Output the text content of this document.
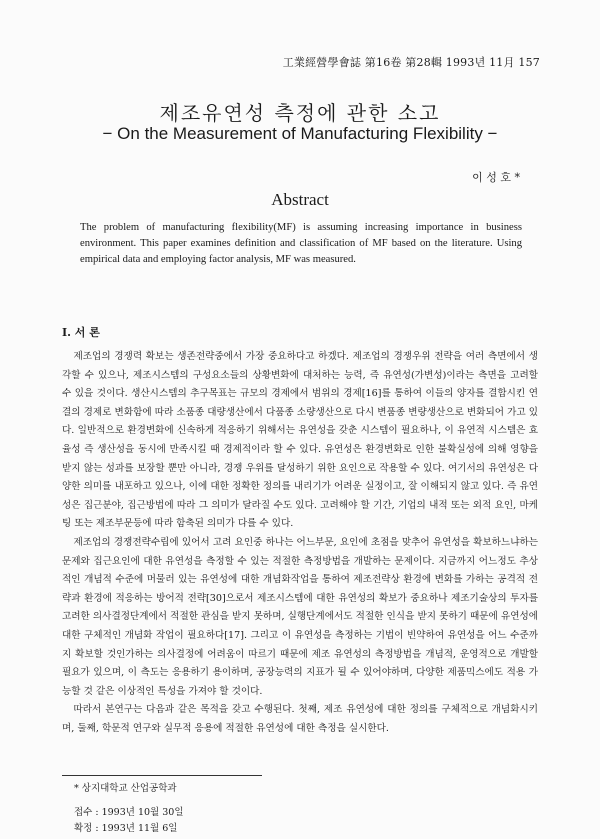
工業經營學會誌 第16卷 第28輯 1993년 11月 157
제조유연성 측정에 관한 소고
− On the Measurement of Manufacturing Flexibility −
이 성 호 *
Abstract
The problem of manufacturing flexibility(MF) is assuming increasing importance in business environment. This paper examines definition and classification of MF based on the literature. Using empirical data and employing factor analysis, MF was measured.
I. 서 론

제조업의 경쟁력 확보는 생존전략중에서 가장 중요하다고 하겠다. 제조업의 경쟁우위 전략을 여러 측면에서 생각할 수 있으나, 제조시스템의 구성요소들의 상황변화에 대처하는 능력, 즉 유연성(가변성)이라는 측면을 고려할 수 있을 것이다. 생산시스템의 추구목표는 규모의 경제에서 범위의 경제[16]를 통하여 이들의 양자를 결합시킨 연결의 경제로 변화함에 따라 소품종 대량생산에서 다품종 소량생산으로 다시 변품종 변량생산으로 변화되어 가고 있다. 일반적으로 환경변화에 신속하게 적응하기 위해서는 유연성을 갖춘 시스템이 필요하나, 이 유연적 시스템은 효율성 즉 생산성을 동시에 만족시킬 때 경제적이라 할 수 있다. 유연성은 환경변화로 인한 불확실성에 의해 영향을 받지 않는 성과를 보장할 뿐만 아니라, 경쟁 우위를 달성하기 위한 요인으로 작용할 수 있다. 여기서의 유연성은 다양한 의미를 내포하고 있으나, 이에 대한 정확한 정의를 내리기가 어려운 실정이고, 잘 이해되지 않고 있다. 즉 유연성은 집근분야, 집근방법에 따라 그 의미가 달라질 수도 있다. 고려해야 할 기간, 기업의 내적 또는 외적 요인, 마케팅 또는 제조부문등에 따라 함축된 의미가 다를 수 있다.

제조업의 경쟁전략수립에 있어서 고려 요인중 하나는 어느부문, 요인에 초점을 맞추어 유연성을 확보하느냐하는 문제와 집근요인에 대한 유연성을 측정할 수 있는 적절한 측정방법을 개발하는 문제이다. 지금까지 어느정도 추상적인 개념적 수준에 머물러 있는 유연성에 대한 개념화작업을 통하여 제조전략상 환경에 변화를 가하는 공격적 전략과 환경에 적응하는 방어적 전략[30]으로서 제조시스템에 대한 유연성의 확보가 중요하나 제조기술상의 투자를 고려한 의사결정단계에서 적절한 관심을 받지 못하며, 실행단계에서도 적절한 인식을 받지 못하기 때문에 유연성에 대한 구체적인 개념화 작업이 필요하다[17]. 그리고 이 유연성을 측정하는 기법이 빈약하여 유연성을 어느 수준까지 확보할 것인가하는 의사결정에 어려움이 따르기 때문에 제조 유연성의 측정방법을 개념적, 운영적으로 개발할 필요가 있으며, 이 측도는 응용하기 용이하며, 공장능력의 지표가 될 수 있어야하며, 다양한 제품믹스에도 적용 가능할 것 같은 이상적인 특성을 가져야 할 것이다.

따라서 본연구는 다음과 같은 목적을 갖고 수행된다. 첫째, 제조 유연성에 대한 정의를 구체적으로 개념화시키며, 둘째, 학문적 연구와 실무적 응용에 적절한 유연성에 대한 측정을 실시한다.

* 상지대학교 산업공학과
접수 : 1993년 10월 30일
확정 : 1993년 11월 6일
